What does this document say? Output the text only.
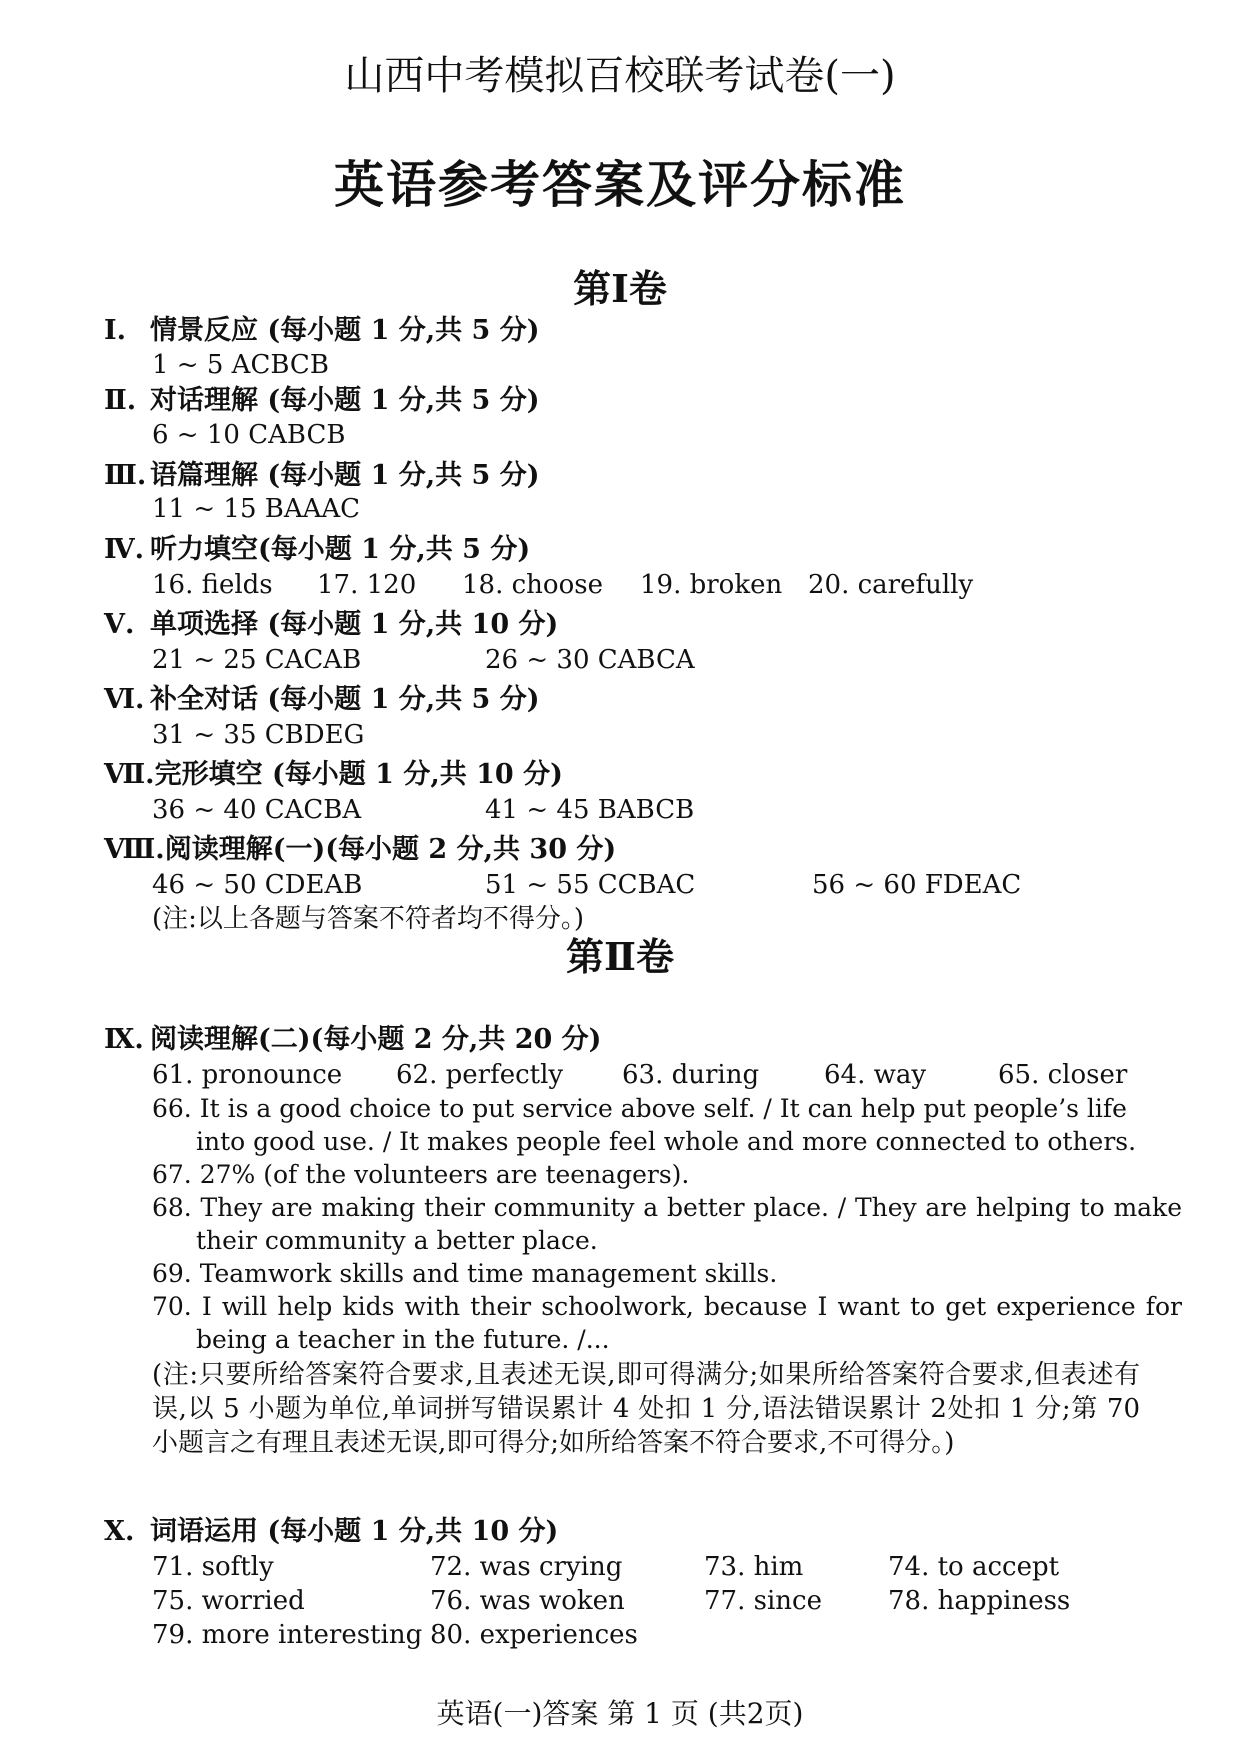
山西中考模拟百校联考试卷(一)
英语参考答案及评分标准
第Ⅰ卷
Ⅰ. 情景反应 (每小题 1 分,共 5 分)
1 ~ 5 ACBCB
Ⅱ. 对话理解 (每小题 1 分,共 5 分)
6 ~ 10 CABCB
Ⅲ. 语篇理解 (每小题 1 分,共 5 分)
11 ~ 15 BAAAC
Ⅳ. 听力填空(每小题 1 分,共 5 分)
16. fields 17. 120 18. choose 19. broken 20. carefully
Ⅴ. 单项选择 (每小题 1 分,共 10 分)
21 ~ 25 CACAB	26 ~ 30 CABCA
Ⅵ. 补全对话 (每小题 1 分,共 5 分)
31 ~ 35 CBDEG
Ⅶ.完形填空 (每小题 1 分,共 10 分)
36 ~ 40 CACBA	41 ~ 45 BABCB
Ⅷ.阅读理解(一)(每小题 2 分,共 30 分)
46 ~ 50 CDEAB	51 ~ 55 CCBAC	56 ~ 60 FDEAC
(注:以上各题与答案不符者均不得分。)
第Ⅱ卷
Ⅸ. 阅读理解(二)(每小题 2 分,共 20 分)
61. pronounce 62. perfectly 63. during 64. way	65. closer
66. It is a good choice to put service above self. / It can help put people’s life into good use. / It makes people feel whole and more connected to others.
67. 27% (of the volunteers are teenagers).
68. They are making their community a better place. / They are helping to make their community a better place.
69. Teamwork skills and time management skills.
70. I will help kids with their schoolwork, because I want to get experience for being a teacher in the future. /...
(注:只要所给答案符合要求,且表述无误,即可得满分;如果所给答案符合要求,但表述有误,以 5 小题为单位,单词拼写错误累计 4 处扣 1 分,语法错误累计 2处扣 1 分;第 70 小题言之有理且表述无误,即可得分;如所给答案不符合要求,不可得分。)
Ⅹ. 词语运用 (每小题 1 分,共 10 分)
71. softly	72. was crying	73. him	74. to accept
75. worried	76. was woken	77. since	78. happiness
79. more interesting 80. experiences
英语(一)答案 第 1 页 (共2页)
